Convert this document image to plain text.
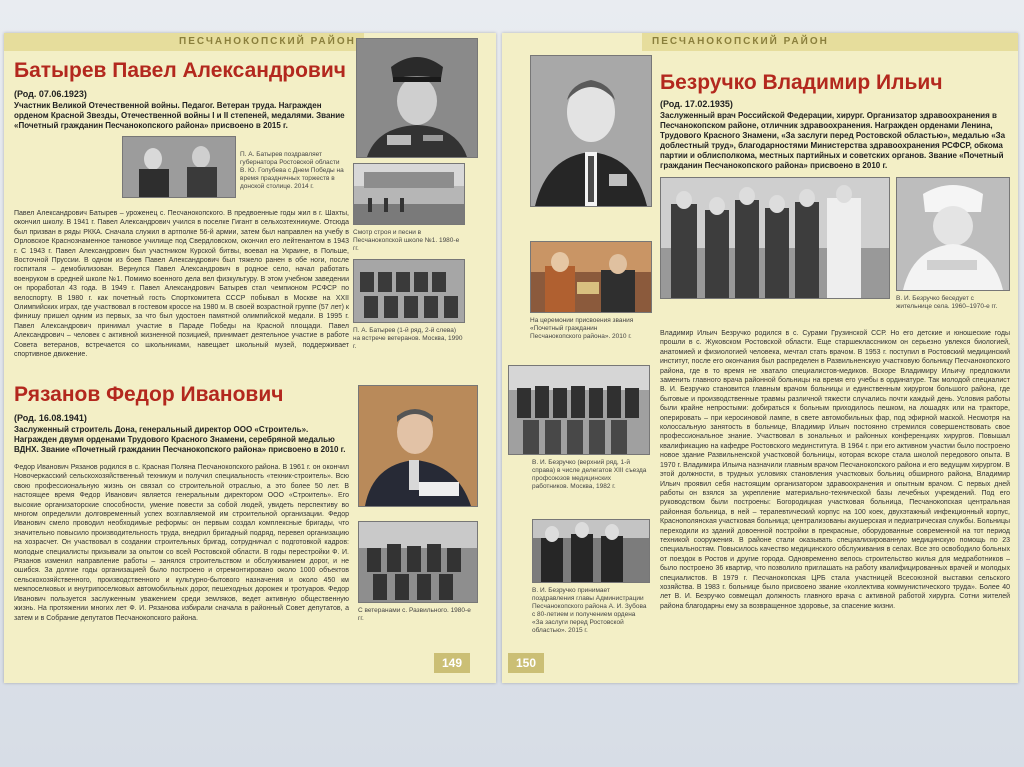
ПЕСЧАНОКОПСКИЙ РАЙОН
Батырев Павел Александрович
(Род. 07.06.1923)
Участник Великой Отечественной войны. Педагог. Ветеран труда. Награжден орденом Красной Звезды, Отечественной войны I и II степеней, медалями. Звание «Почетный гражданин Песчанокопского района» присвоено в 2015 г.
П. А. Батырев поздравляет губернатора Ростовской области В. Ю. Голубева с Днем Победы на время праздничных торжеств в донской столице. 2014 г.
Смотр строя и песни в Песчанокопской школе №1. 1980-е гг.
П. А. Батырев (1-й ряд, 2-й слева) на встрече ветеранов. Москва, 1990 г.
Павел Александрович Батырев – уроженец с. Песчанокопского. В предвоенные годы жил в г. Шахты, окончил школу. В 1941 г. Павел Александрович учился в поселке Гигант в сельхозтехникуме. Отсюда был призван в ряды РККА. Сначала служил в артполке 56-й армии, затем был направлен на учебу в Орловское Краснознаменное танковое училище под Свердловском, окончил его лейтенантом в 1943 г. С 1943 г. Павел Александрович был участником Курской битвы, воевал на Украине, в Польше, Восточной Пруссии. В одном из боев Павел Александрович был тяжело ранен в обе ноги, после госпиталя – демобилизован. Вернулся Павел Александрович в родное село, начал работать военруком в средней школе №1. Помимо военного дела вел физкультуру. В этом учебном заведении он проработал 43 года. В 1949 г. Павел Александрович Батырев стал чемпионом РСФСР по велоспорту. В 1980 г. как почетный гость Спорткомитета СССР побывал в Москве на XXII Олимпийских играх, где участвовал в гостевом кроссе на 1980 м. В своей возрастной группе (57 лет) к финишу пришел одним из первых, за что был удостоен памятной олимпийской медали. В 1995 г. Павел Александрович принимал участие в Параде Победы на Красной площади. Павел Александрович – человек с активной жизненной позицией, принимает деятельное участие в работе Совета ветеранов, встречается со школьниками, навещает школьный музей, поддерживает спортивное движение.
Рязанов Федор Иванович
(Род. 16.08.1941)
Заслуженный строитель Дона, генеральный директор ООО «Строитель». Награжден двумя орденами Трудового Красного Знамени, серебряной медалью ВДНХ. Звание «Почетный гражданин Песчанокопского района» присвоено в 2010 г.
С ветеранами с. Развильного. 1980-е гг.
Федор Иванович Рязанов родился в с. Красная Поляна Песчанокопского района. В 1961 г. он окончил Новочеркасский сельскохозяйственный техникум и получил специальность «техник-строитель». Всю свою профессиональную жизнь он связал со строительной отраслью, а это более 50 лет. В настоящее время Федор Иванович является генеральным директором ООО «Строитель». Его высокие организаторские способности, умение повести за собой людей, увидеть перспективу во многом определили долговременный успех возглавляемой им строительной организации. Федор Иванович смело проводил необходимые реформы: он первым создал комплексные бригады, что значительно повысило производительность труда, внедрил бригадный подряд, перевел организацию на хозрасчет. Он участвовал в создании строительных бригад, сотрудничал с подготовкой кадров: молодые специалисты призывали за опытом со всей Ростовской области. В годы перестройки Ф. И. Рязанов изменил направление работы – занялся строительством и обслуживанием дорог, и не ошибся. За долгие годы организацией было построено и отремонтировано около 1000 объектов сельскохозяйственного, производственного и культурно-бытового назначения и около 450 км межпоселковых и внутрипоселковых автомобильных дорог, пешеходных дорожек и тротуаров. Федор Иванович пользуется заслуженным уважением среди земляков, ведет активную общественную жизнь. На протяжении многих лет Ф. И. Рязанова избирали сначала в районный Совет депутатов, а затем и в Собрание депутатов Песчанокопского района.
149
ПЕСЧАНОКОПСКИЙ РАЙОН
Безручко Владимир Ильич
(Род. 17.02.1935)
Заслуженный врач Российской Федерации, хирург. Организатор здравоохранения в Песчанокопском районе, отличник здравоохранения. Награжден орденами Ленина, Трудового Красного Знамени, «За заслуги перед Ростовской областью», медалью «За доблестный труд», благодарностями Министерства здравоохранения РСФСР, обкома партии и облисполкома, местных партийных и советских органов. Звание «Почетный гражданин Песчанокопского района» присвоено в 2010 г.
В. И. Безручко беседует с жительнице села. 1960–1970-е гг.
На церемонии присвоения звания «Почетный гражданин Песчанокопского района». 2010 г.
В. И. Безручко (верхний ряд, 1-й справа) в числе делегатов XIII съезда профсоюзов медицинских работников. Москва, 1982 г.
В. И. Безручко принимает поздравления главы Администрации Песчанокопского района А. И. Зубова с 80-летием и получением ордена «За заслуги перед Ростовской областью». 2015 г.
Владимир Ильич Безручко родился в с. Сурами Грузинской ССР. Но его детские и юношеские годы прошли в с. Жуковском Ростовской области. Еще старшеклассником он серьезно увлекся биологией, анатомией и физиологией человека, мечтал стать врачом. В 1953 г. поступил в Ростовский медицинский институт, после его окончания был распределен в Развильненскую участковую больницу Песчанокопского района, где в то время не хватало специалистов-медиков. Вскоре Владимиру Ильичу предложили заменить главного врача районной больницы на время его учебы в ординатуре. Так молодой специалист В. И. Безручко становится главным врачом больницы и единственным хирургом большого района, где бытовые и производственные травмы различной тяжести случались почти каждый день. Условия работы были крайне непростыми: добираться к больным приходилось пешком, на лошадях или на тракторе, оперировать – при керосиновой лампе, в свете автомобильных фар, под эфирной маской. Несмотря на колоссальную занятость в больнице, Владимир Ильич постоянно стремился совершенствовать свое профессиональное знание. Участвовал в зональных и районных конференциях хирургов. Повышал квалификацию на кафедре Ростовского мединститута. В 1964 г. при его активном участии было построено новое здание Развильненской участковой больницы, которая вскоре стала школой передового опыта. В 1970 г. Владимира Ильича назначили главным врачом Песчанокопского района и его ведущим хирургом. В этой должности, в трудных условиях становления участковых больниц обширного района, Владимир Ильич проявил себя настоящим организатором здравоохранения и опытным врачом. С первых дней работы он взялся за укрепление материально-технической базы лечебных учреждений. Под его руководством были построены: Богородицкая участковая больница, Песчанокопская центральная районная больница, в ней – терапевтический корпус на 100 коек, двухэтажный инфекционный корпус, Краснополянская участковая больница; централизованы акушерская и педиатрическая службы. Больницы переходили из зданий довоенной постройки в прекрасные, оборудованные современной на тот период техникой сооружения. В районе стали оказывать специализированную медицинскую помощь по 23 специальностям. Повысилось качество медицинского обслуживания в селах. Все это освободило больных от поездок в Ростов и другие города. Одновременно велось строительство жилья для медработников – было построено 36 квартир, что позволило приглашать на работу квалифицированных врачей и молодых специалистов. В 1979 г. Песчанокопская ЦРБ стала участницей Всесоюзной выставки сельского хозяйства. В 1983 г. больнице было присвоено звание «коллектива коммунистического труда». Более 40 лет В. И. Безручко совмещал должность главного врача с активной работой хирурга. Сотни жителей района благодарны ему за возвращенное здоровье, за спасение жизни.
150
